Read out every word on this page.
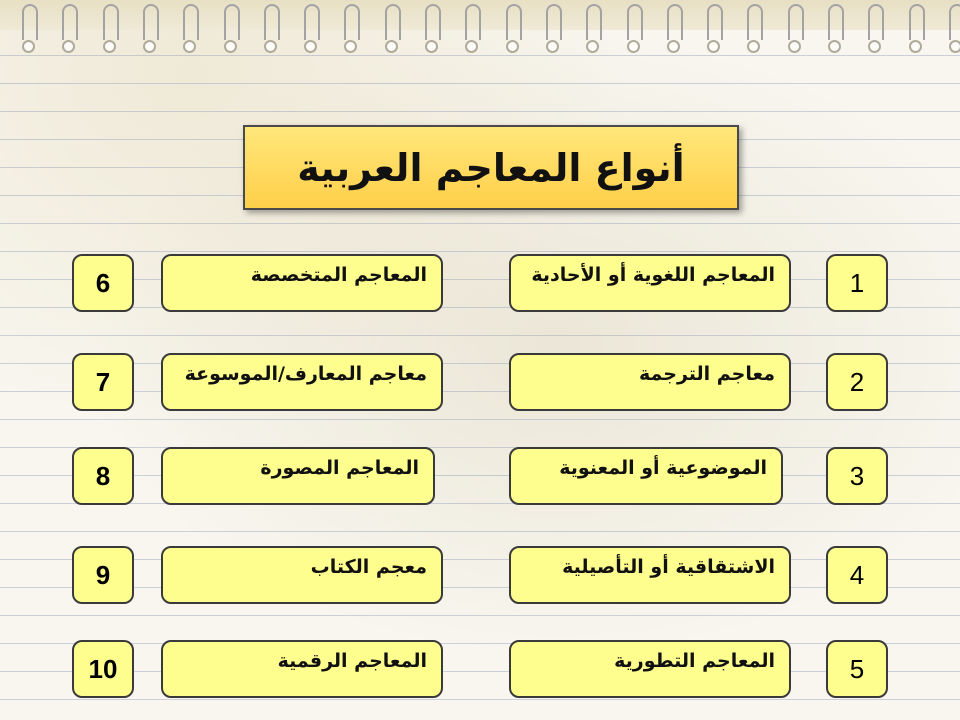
أنواع المعاجم العربية
1
2
3
4
5
المعاجم اللغوية أو الأحادية
معاجم الترجمة
الموضوعية أو المعنوية
الاشتقاقية أو التأصيلية
المعاجم التطورية
6
7
8
9
10
المعاجم المتخصصة
معاجم المعارف/الموسوعة
المعاجم المصورة
معجم الكتاب
المعاجم الرقمية
